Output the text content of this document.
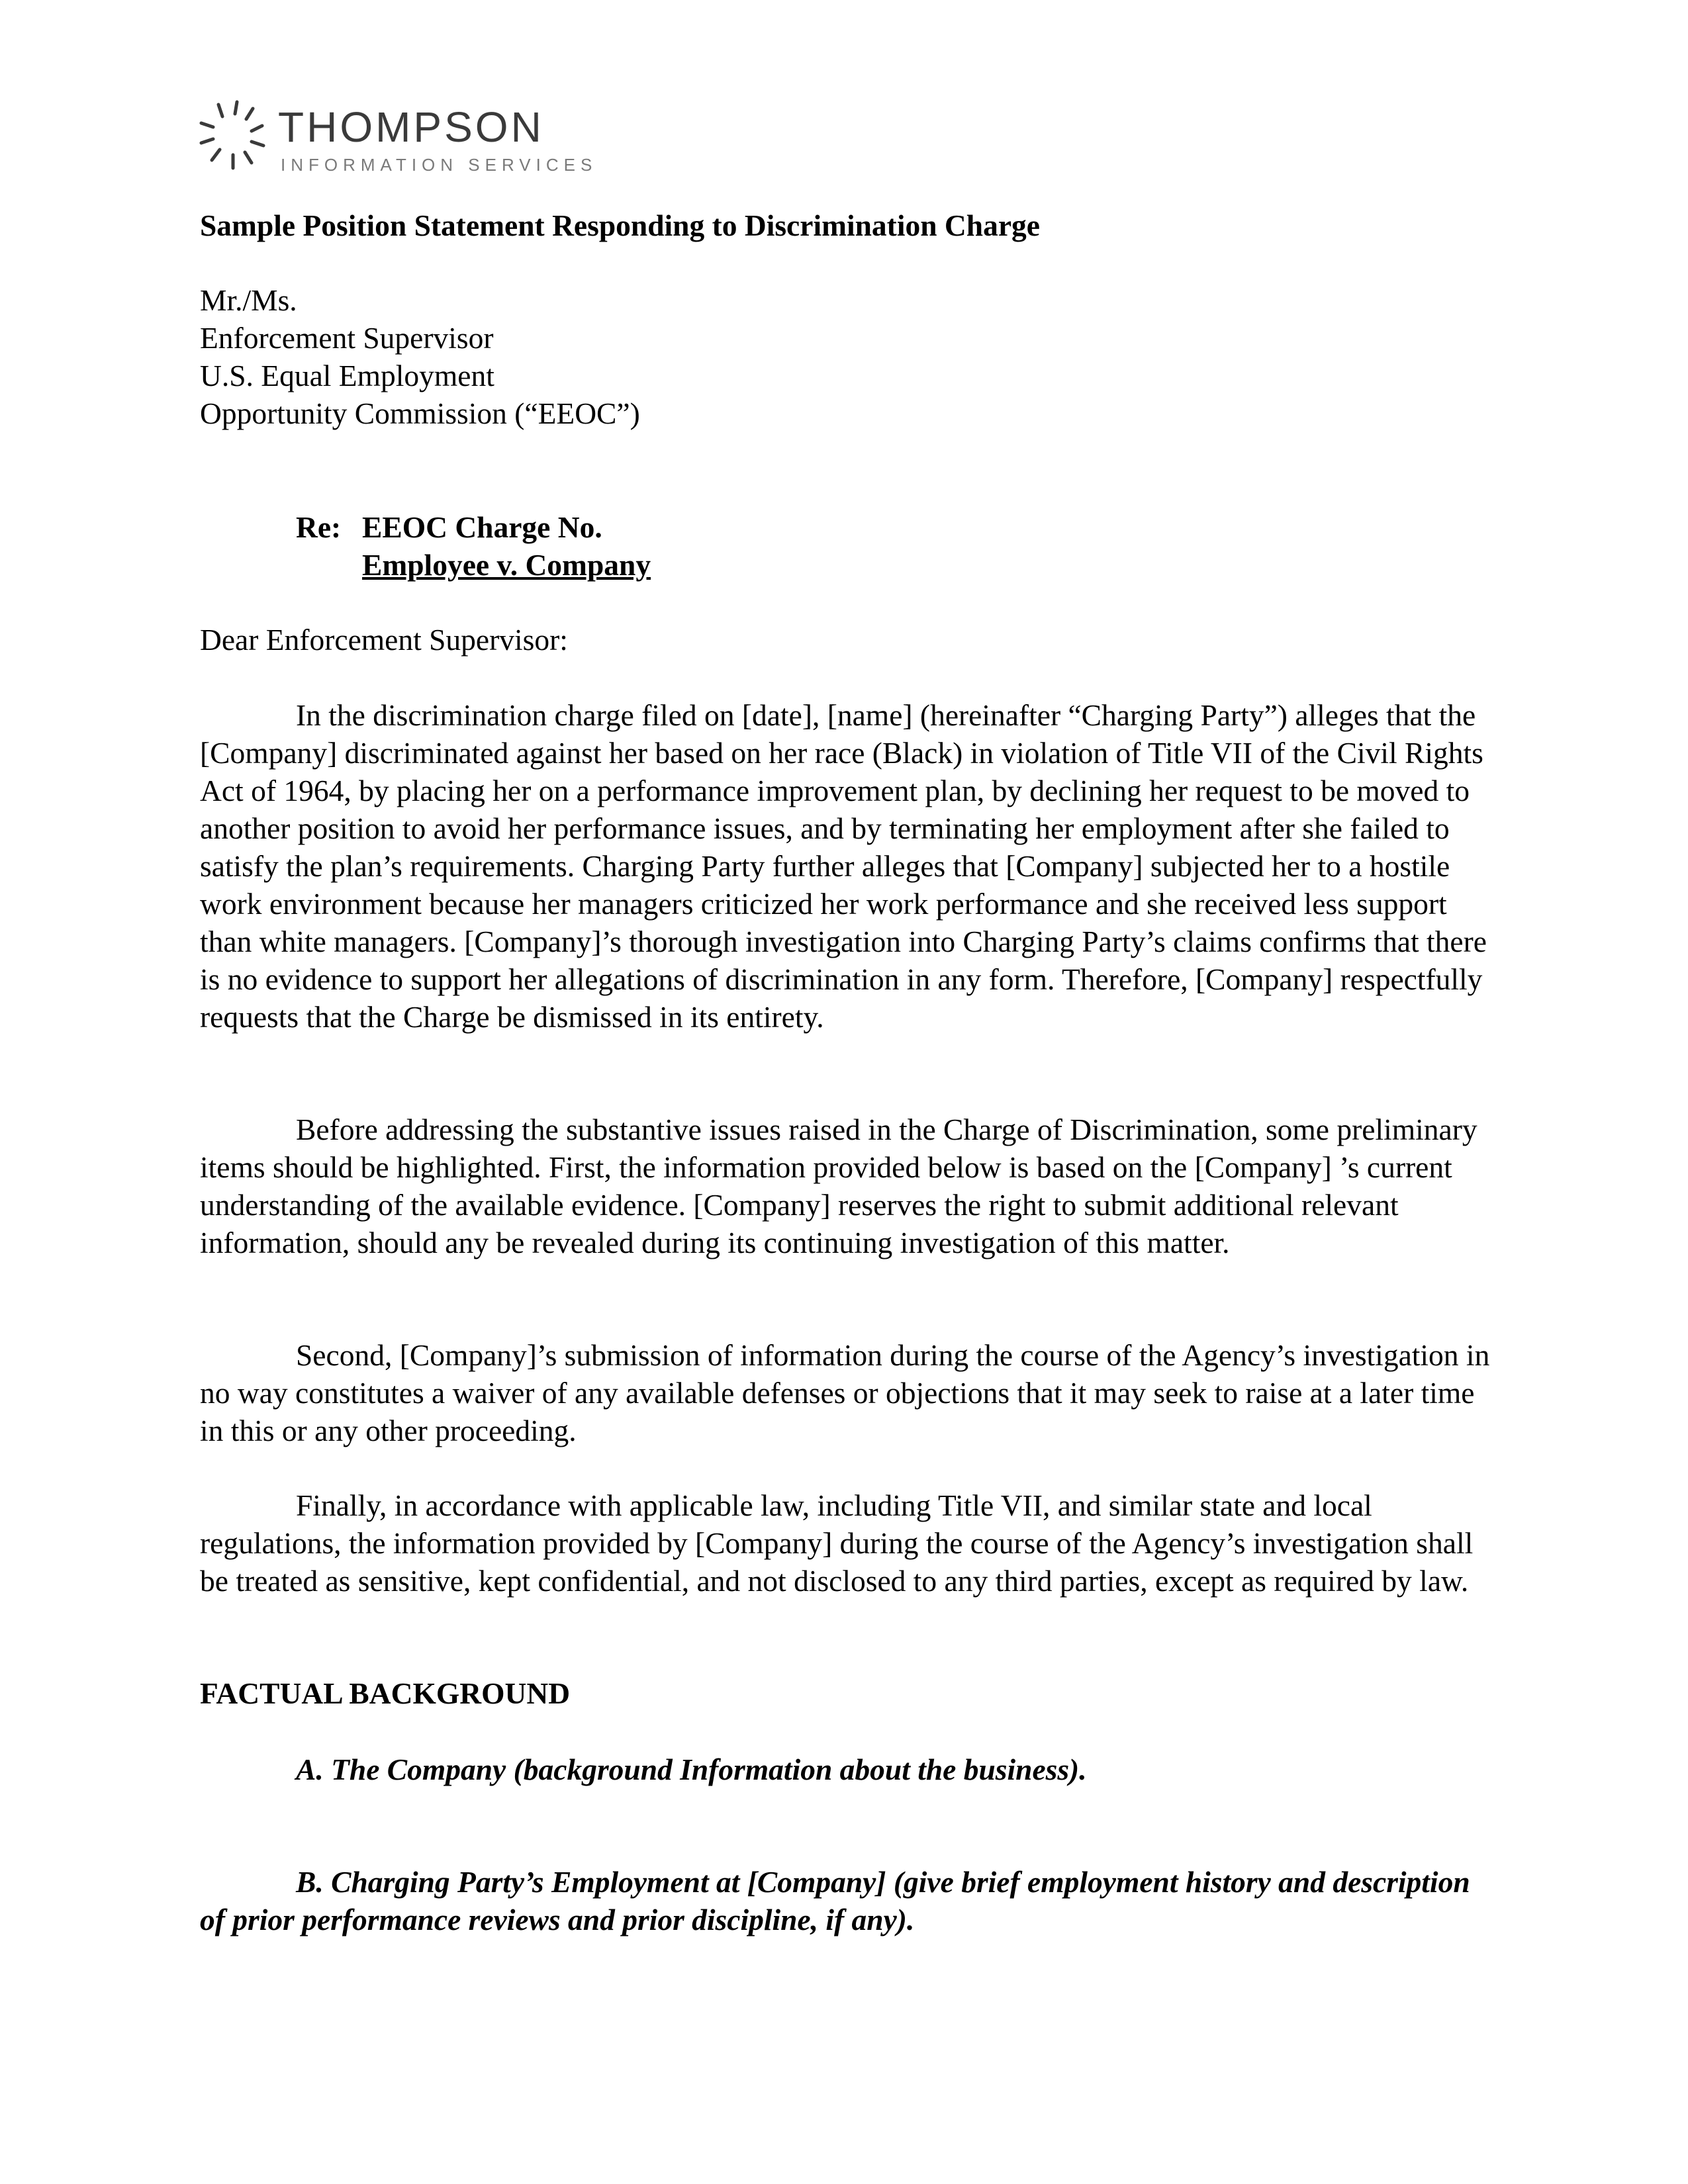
THOMPSON
INFORMATION SERVICES
Sample Position Statement Responding to Discrimination Charge
Mr./Ms.
Enforcement Supervisor
U.S. Equal Employment
Opportunity Commission (“EEOC”)
Re: EEOC Charge No.
Employee v. Company
Dear Enforcement Supervisor:

In the discrimination charge filed on [date], [name] (hereinafter “Charging Party”) alleges that the [Company] discriminated against her based on her race (Black) in violation of Title VII of the Civil Rights Act of 1964, by placing her on a performance improvement plan, by declining her request to be moved to another position to avoid her performance issues, and by terminating her employment after she failed to satisfy the plan’s requirements. Charging Party further alleges that [Company] subjected her to a hostile work environment because her managers criticized her work performance and she received less support than white managers. [Company]’s thorough investigation into Charging Party’s claims confirms that there is no evidence to support her allegations of discrimination in any form. Therefore, [Company] respectfully requests that the Charge be dismissed in its entirety.

Before addressing the substantive issues raised in the Charge of Discrimination, some preliminary items should be highlighted. First, the information provided below is based on the [Company] ’s current understanding of the available evidence. [Company] reserves the right to submit additional relevant information, should any be revealed during its continuing investigation of this matter.

Second, [Company]’s submission of information during the course of the Agency’s investigation in no way constitutes a waiver of any available defenses or objections that it may seek to raise at a later time in this or any other proceeding.

Finally, in accordance with applicable law, including Title VII, and similar state and local regulations, the information provided by [Company] during the course of the Agency’s investigation shall be treated as sensitive, kept confidential, and not disclosed to any third parties, except as required by law.

FACTUAL BACKGROUND
A. The Company (background Information about the business).

B. Charging Party’s Employment at [Company] (give brief employment history and description of prior performance reviews and prior discipline, if any).
